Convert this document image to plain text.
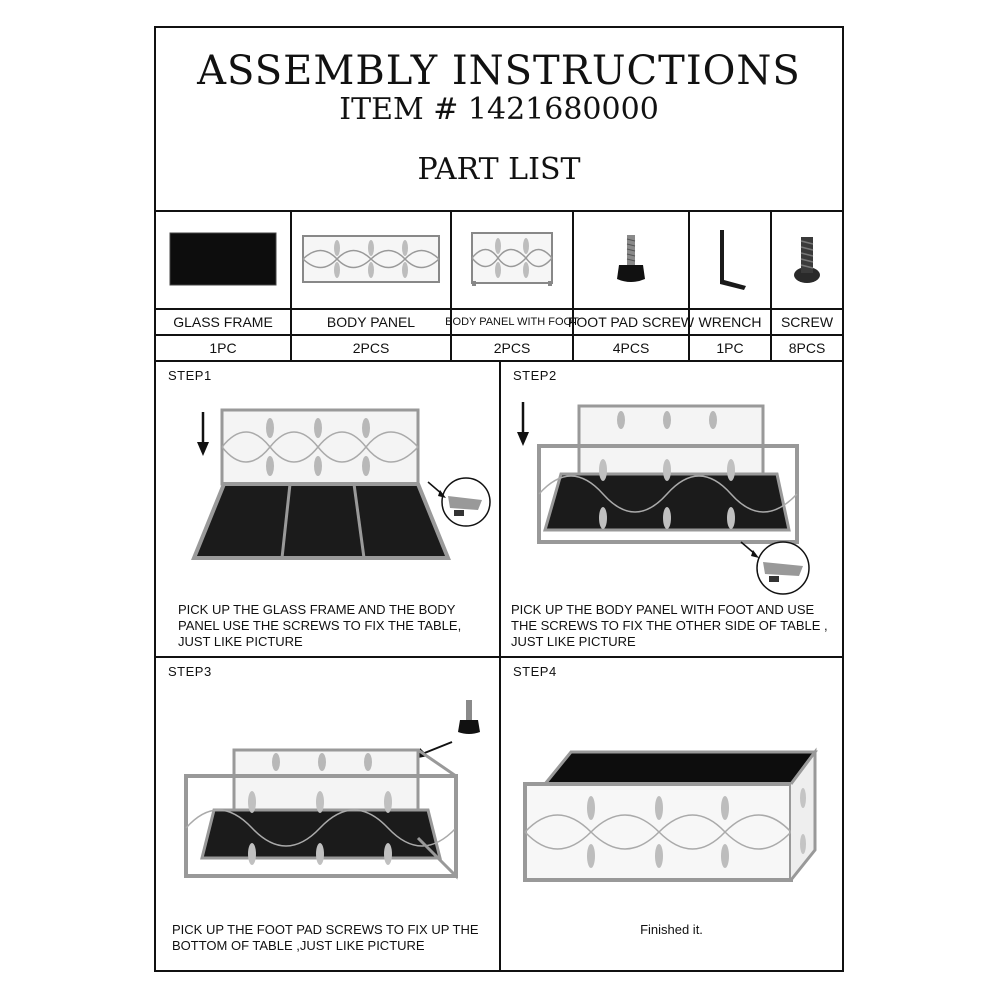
ASSEMBLY INSTRUCTIONS
ITEM # 1421680000
PART LIST
GLASS FRAME
1PC
BODY PANEL
2PCS
BODY PANEL WITH FOOT
2PCS
FOOT PAD SCREW
4PCS
WRENCH
1PC
SCREW
8PCS
STEP1
PICK UP THE GLASS FRAME AND THE BODY
PANEL USE THE SCREWS TO FIX THE TABLE,
JUST LIKE PICTURE
STEP2
PICK UP THE BODY PANEL WITH FOOT AND USE
THE SCREWS TO FIX THE OTHER SIDE OF TABLE ,
JUST LIKE PICTURE
STEP3
PICK UP THE FOOT PAD SCREWS TO FIX UP THE
BOTTOM OF TABLE ,JUST LIKE PICTURE
STEP4
Finished it.
